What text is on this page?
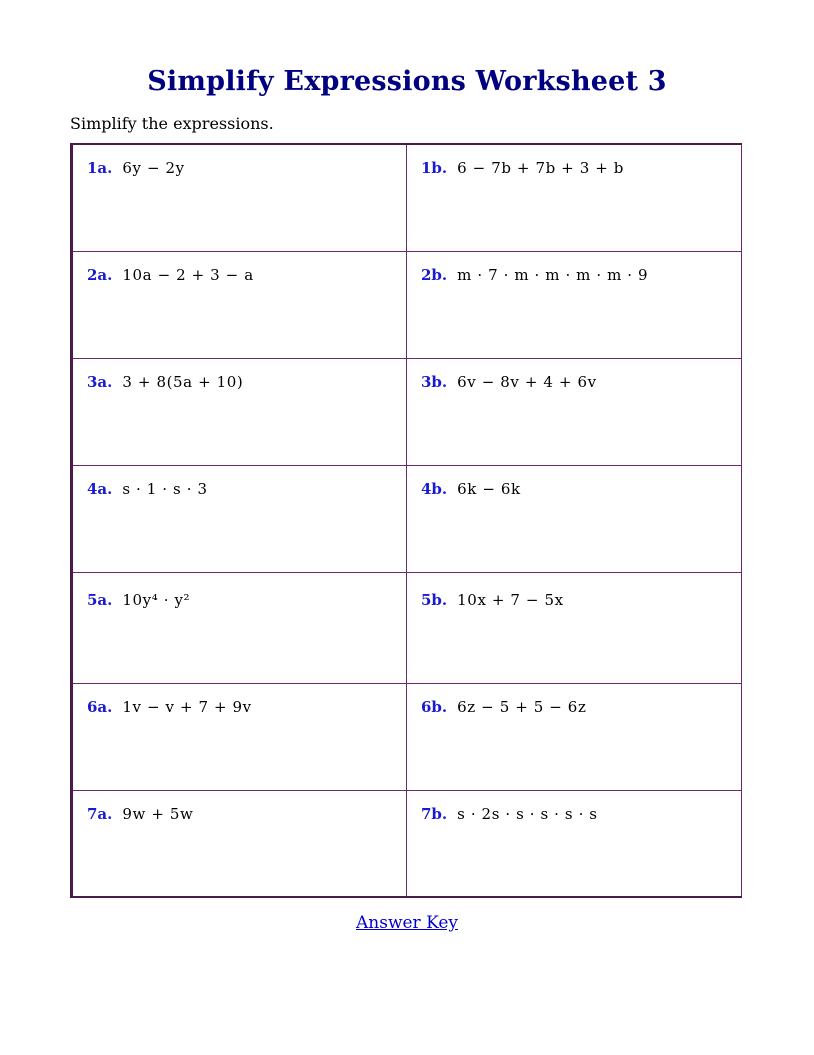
Simplify Expressions Worksheet 3

Simplify the expressions.

1a. 6y − 2y	1b. 6 − 7b + 7b + 3 + b
2a. 10a − 2 + 3 − a	2b. m · 7 · m · m · m · m · 9
3a. 3 + 8(5a + 10)	3b. 6v − 8v + 4 + 6v
4a. s · 1 · s · 3	4b. 6k − 6k
5a. 10y⁴ · y²	5b. 10x + 7 − 5x
6a. 1v − v + 7 + 9v	6b. 6z − 5 + 5 − 6z
7a. 9w + 5w	7b. s · 2s · s · s · s · s
Answer Key
